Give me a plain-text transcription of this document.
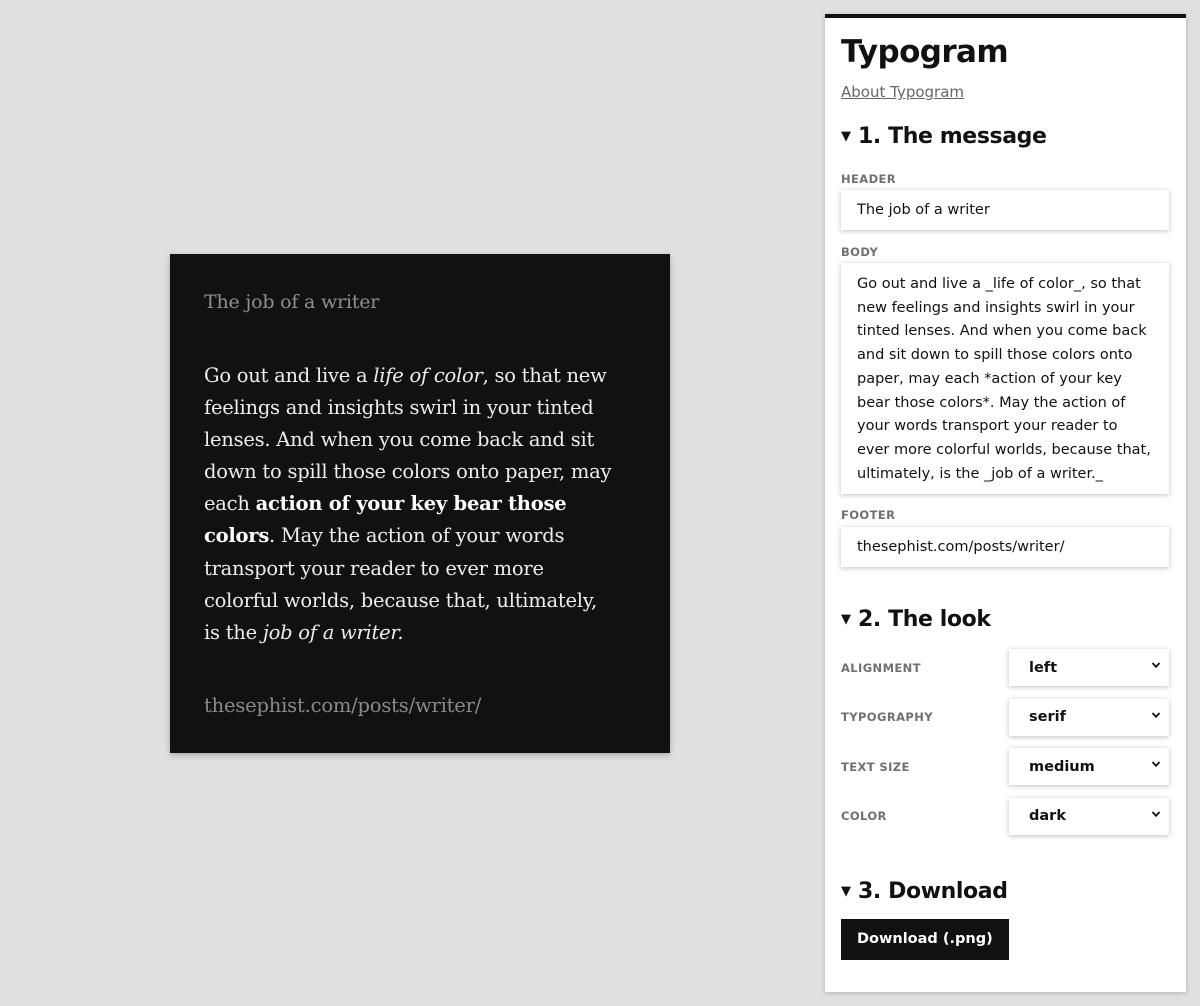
The job of a writer
Go out and live a life of color, so that new
feelings and insights swirl in your tinted
lenses. And when you come back and sit
down to spill those colors onto paper, may
each action of your key bear those
colors. May the action of your words
transport your reader to ever more
colorful worlds, because that, ultimately,
is the job of a writer.
thesephist.com/posts/writer/
Typogram
About Typogram
▼ 1. The message
HEADER
The job of a writer
BODY
Go out and live a _life of color_, so that new feelings and insights swirl in your tinted lenses. And when you come back and sit down to spill those colors onto paper, may each *action of your key bear those colors*. May the action of your words transport your reader to ever more colorful worlds, because that, ultimately, is the _job of a writer._
FOOTER
thesephist.com/posts/writer/
▼ 2. The look
ALIGNMENT
left
TYPOGRAPHY
serif
TEXT SIZE
medium
COLOR
dark
▼ 3. Download
Download (.png)
